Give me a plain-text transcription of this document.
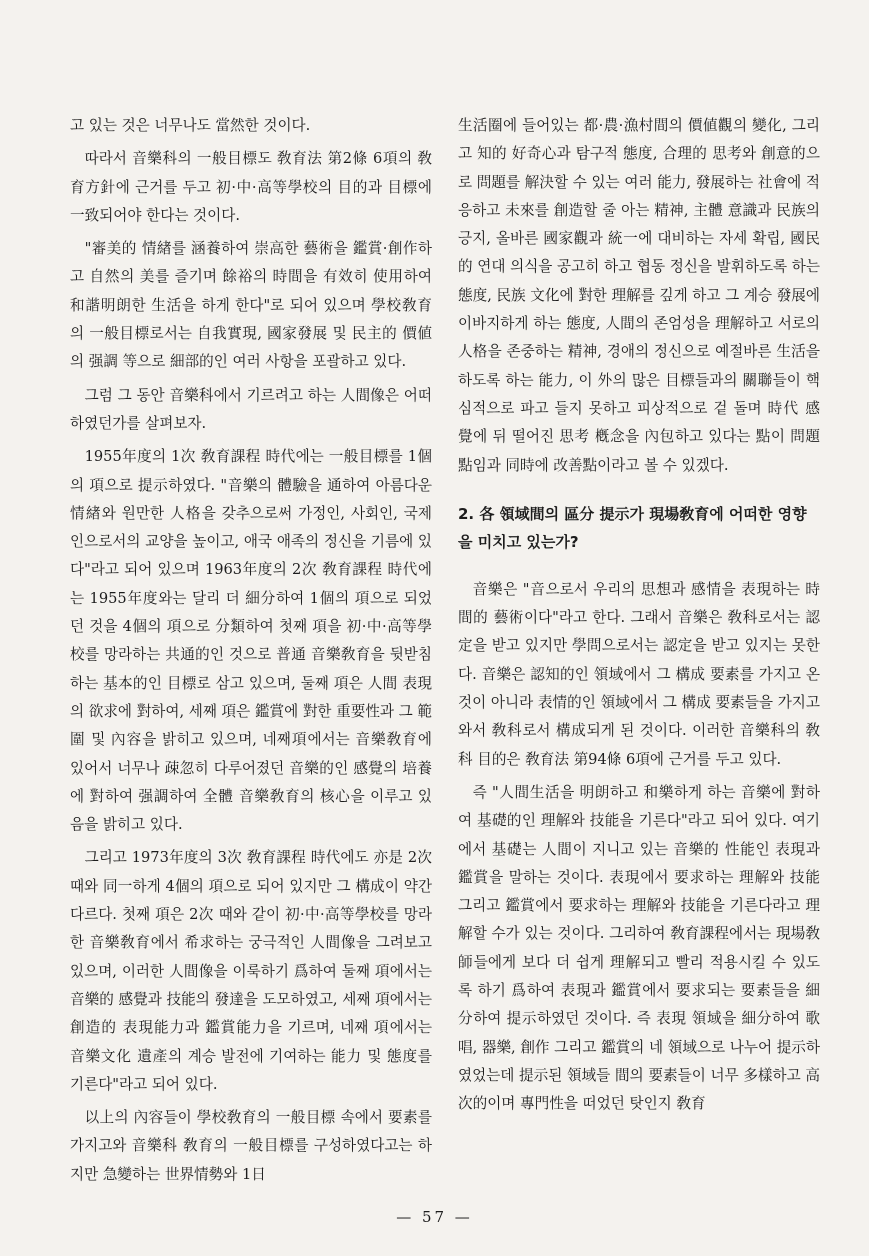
고 있는 것은 너무나도 當然한 것이다.

따라서 音樂科의 一般目標도 敎育法 第2條 6項의 敎育方針에 근거를 두고 初·中·高等學校의 目的과 目標에 一致되어야 한다는 것이다.

"審美的 情緖를 涵養하여 崇高한 藝術을 鑑賞·創作하고 自然의 美를 즐기며 餘裕의 時間을 有效히 使用하여 和諧明朗한 生活을 하게 한다"로 되어 있으며 學校敎育의 一般目標로서는 自我實現, 國家發展 및 民主的 價値의 强調 等으로 細部的인 여러 사항을 포괄하고 있다.

그럼 그 동안 音樂科에서 기르려고 하는 人間像은 어떠하였던가를 살펴보자.

1955年度의 1次 敎育課程 時代에는 一般目標를 1個의 項으로 提示하였다. "音樂의 體驗을 通하여 아름다운 情緖와 원만한 人格을 갖추으로써 가정인, 사회인, 국제인으로서의 교양을 높이고, 애국 애족의 정신을 기름에 있다"라고 되어 있으며 1963年度의 2次 敎育課程 時代에는 1955年度와는 달리 더 細分하여 1個의 項으로 되었던 것을 4個의 項으로 分類하여 첫째 項을 初·中·高等學校를 망라하는 共通的인 것으로 普通 音樂敎育을 뒷받침하는 基本的인 目標로 삼고 있으며, 둘째 項은 人間 表現의 欲求에 對하여, 세째 項은 鑑賞에 對한 重要性과 그 範圍 및 內容을 밝히고 있으며, 네째項에서는 音樂敎育에 있어서 너무나 疎忽히 다루어졌던 音樂的인 感覺의 培養에 對하여 强調하여 全體 音樂敎育의 核心을 이루고 있음을 밝히고 있다.

그리고 1973年度의 3次 敎育課程 時代에도 亦是 2次 때와 同一하게 4個의 項으로 되어 있지만 그 構成이 약간 다르다. 첫째 項은 2次 때와 같이 初·中·高等學校를 망라한 音樂敎育에서 希求하는 궁극적인 人間像을 그려보고 있으며, 이러한 人間像을 이룩하기 爲하여 둘째 項에서는 音樂的 感覺과 技能의 發達을 도모하였고, 세째 項에서는 創造的 表現能力과 鑑賞能力을 기르며, 네째 項에서는 音樂文化 遺產의 계승 발전에 기여하는 能力 및 態度를 기른다"라고 되어 있다.

以上의 內容들이 學校敎育의 一般目標 속에서 要素를 가지고와 音樂科 敎育의 一般目標를 구성하였다고는 하지만 急變하는 世界情勢와 1日

生活圈에 들어있는 都·農·漁村間의 價値觀의 變化, 그리고 知的 好奇心과 탐구적 態度, 合理的 思考와 創意的으로 問題를 解決할 수 있는 여러 能力, 發展하는 社會에 적응하고 未來를 創造할 줄 아는 精神, 主體 意識과 民族의 긍지, 올바른 國家觀과 統一에 대비하는 자세 확립, 國民的 연대 의식을 공고히 하고 협동 정신을 발휘하도록 하는 態度, 民族 文化에 對한 理解를 깊게 하고 그 계승 發展에 이바지하게 하는 態度, 人間의 존엄성을 理解하고 서로의 人格을 존중하는 精神, 경애의 정신으로 예절바른 生活을 하도록 하는 能力, 이 外의 많은 目標들과의 關聯들이 핵심적으로 파고 들지 못하고 피상적으로 겉 돌며 時代 感覺에 뒤 떨어진 思考 槪念을 內包하고 있다는 點이 問題點임과 同時에 改善點이라고 볼 수 있겠다.

2. 各 領域間의 區分 提示가 現場敎育에 어떠한 영향을 미치고 있는가?

音樂은 "音으로서 우리의 思想과 感情을 表現하는 時間的 藝術이다"라고 한다. 그래서 音樂은 敎科로서는 認定을 받고 있지만 學問으로서는 認定을 받고 있지는 못한다. 音樂은 認知的인 領域에서 그 構成 要素를 가지고 온것이 아니라 表情的인 領域에서 그 構成 要素들을 가지고 와서 敎科로서 構成되게 된 것이다. 이러한 音樂科의 敎科 目的은 敎育法 第94條 6項에 근거를 두고 있다.

즉 "人間生活을 明朗하고 和樂하게 하는 音樂에 對하여 基礎的인 理解와 技能을 기른다"라고 되어 있다. 여기에서 基礎는 人間이 지니고 있는 音樂的 性能인 表現과 鑑賞을 말하는 것이다. 表現에서 要求하는 理解와 技能 그리고 鑑賞에서 要求하는 理解와 技能을 기른다라고 理解할 수가 있는 것이다. 그리하여 敎育課程에서는 現場敎師들에게 보다 더 쉽게 理解되고 빨리 적용시킬 수 있도록 하기 爲하여 表現과 鑑賞에서 要求되는 要素들을 細分하여 提示하였던 것이다. 즉 表現 領域을 細分하여 歌唱, 器樂, 創作 그리고 鑑賞의 네 領域으로 나누어 提示하였었는데 提示된 領域들 間의 要素들이 너무 多樣하고 高次的이며 專門性을 떠었던 탓인지 敎育

— 57 —
